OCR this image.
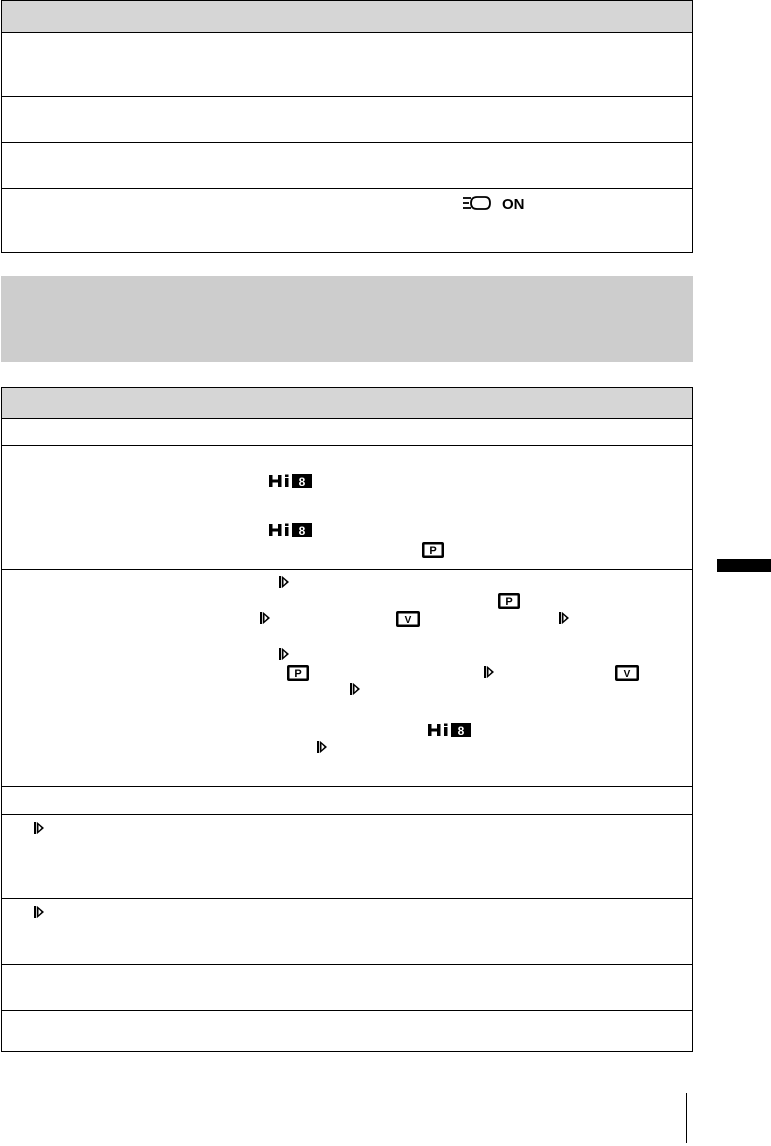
ON
8
8
P
P
V
P	V
8
